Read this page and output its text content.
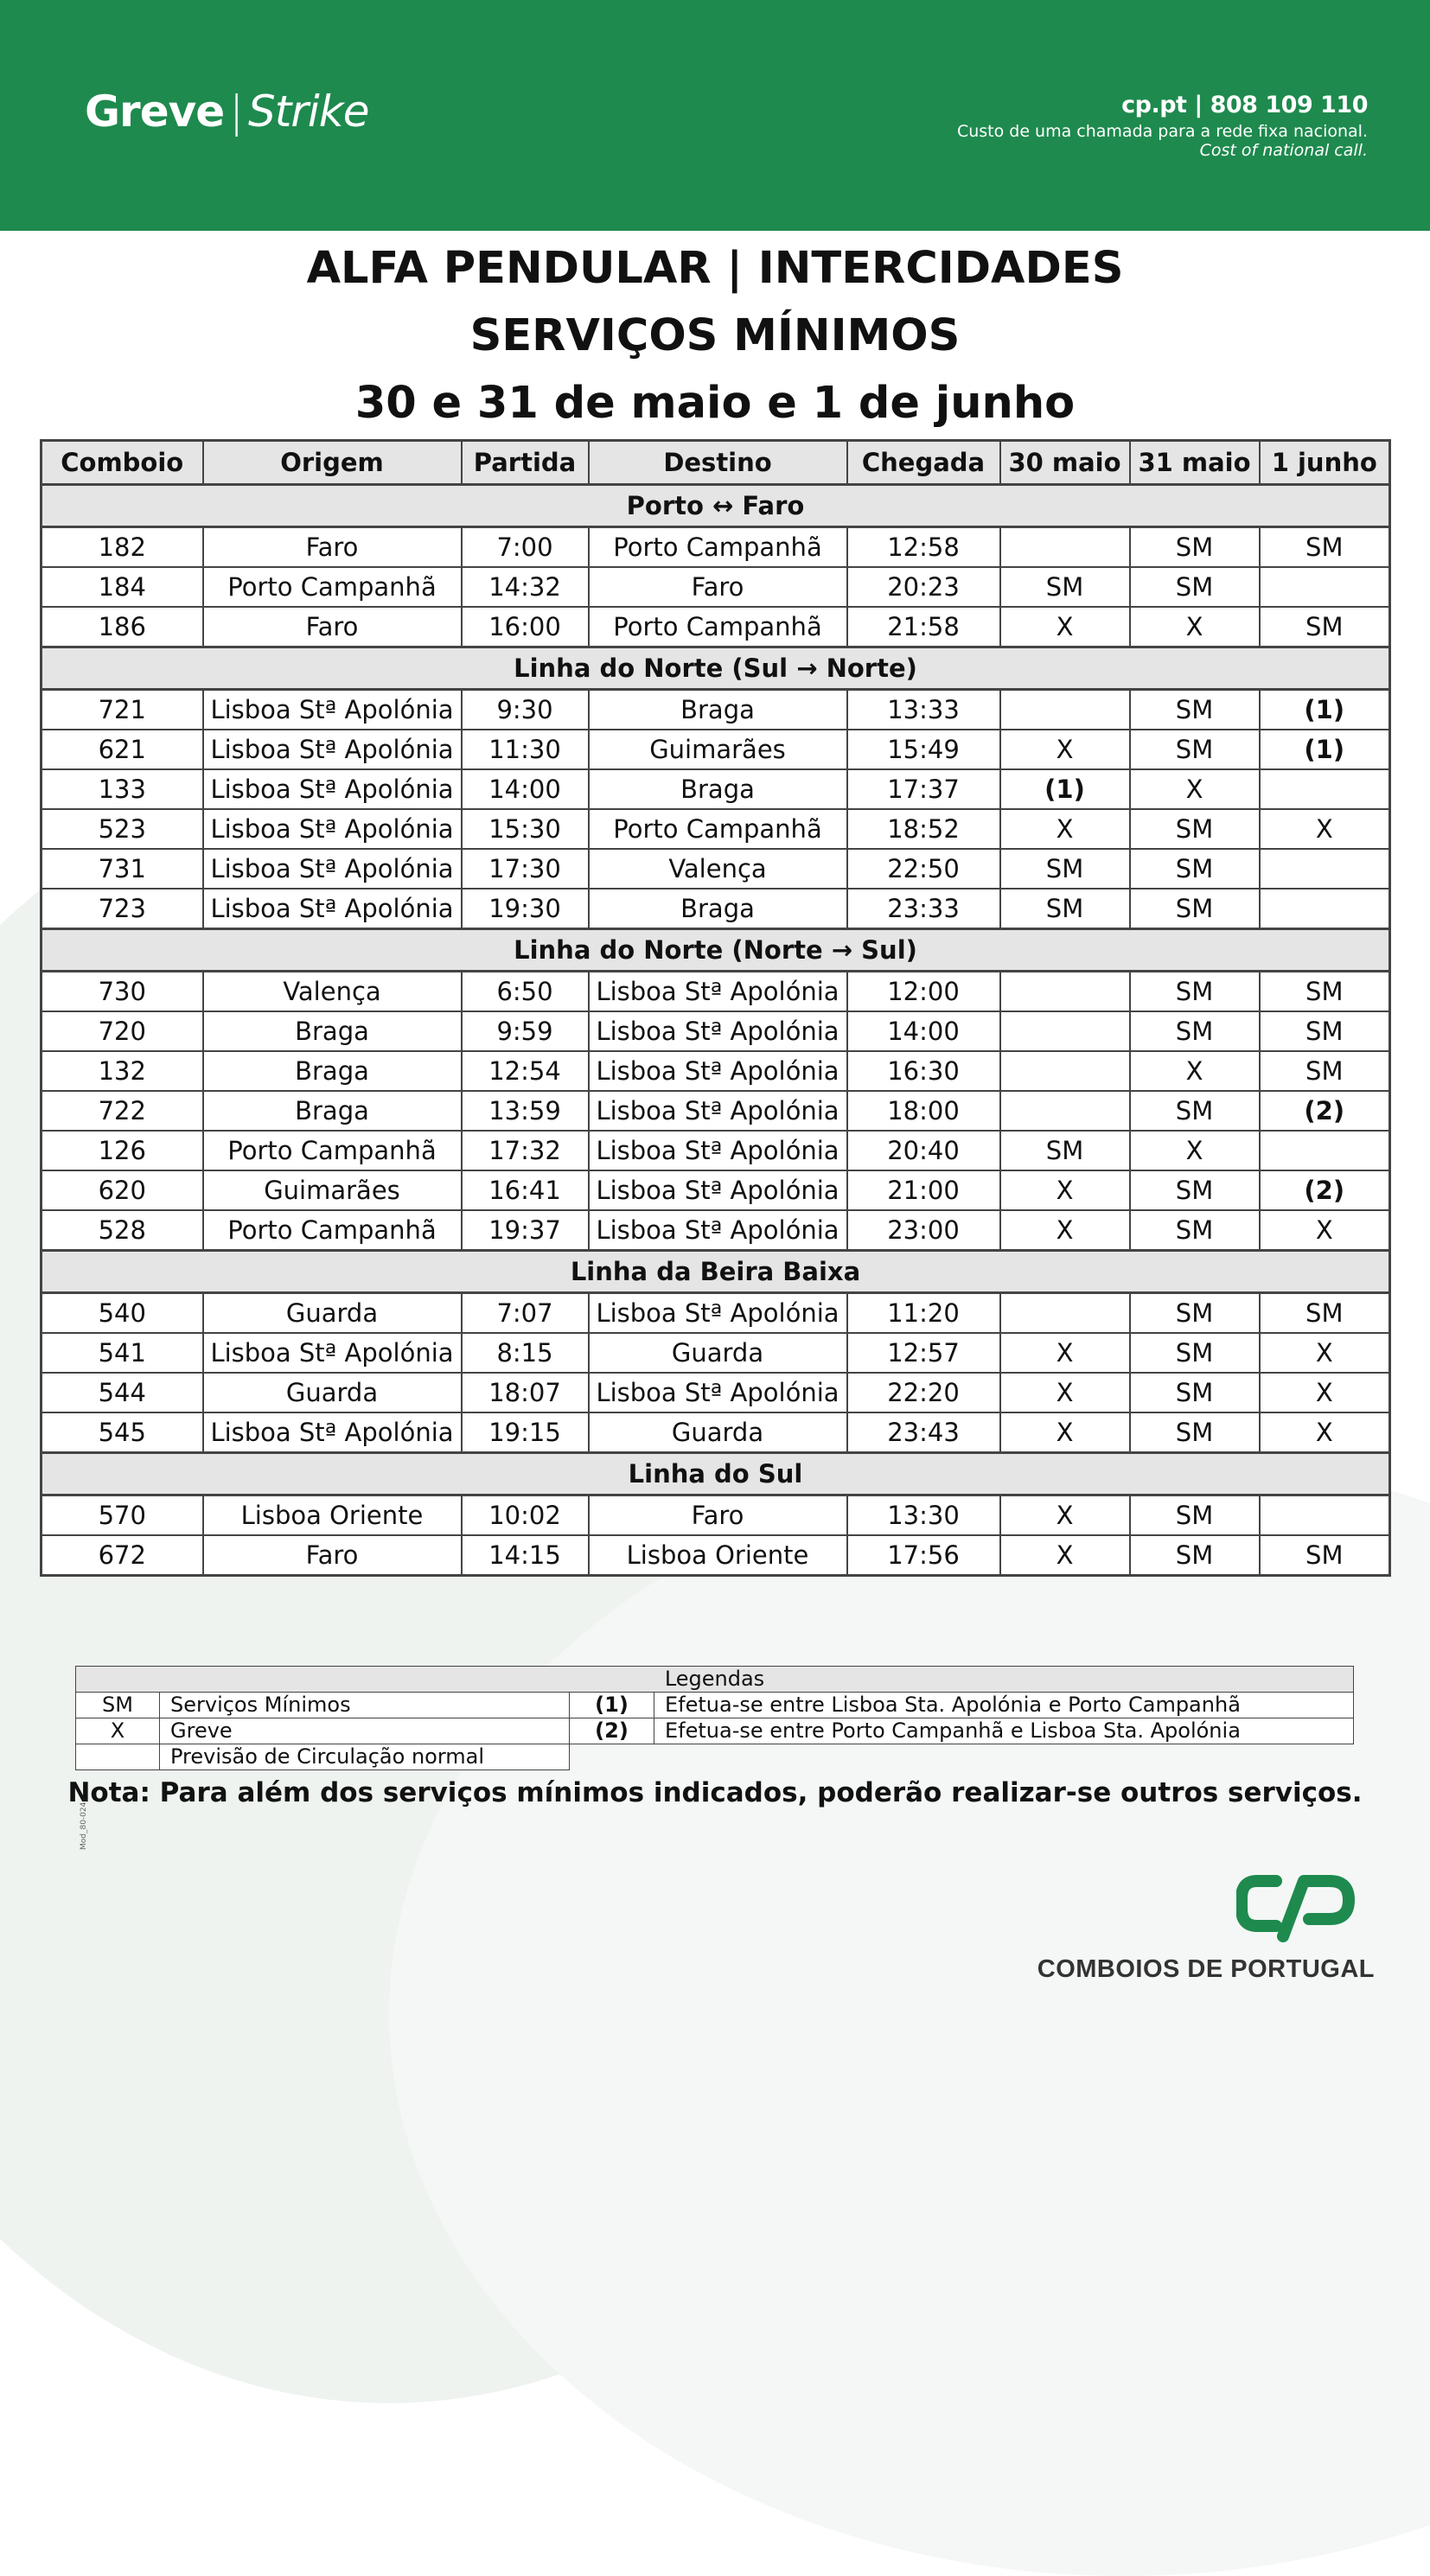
Greve | Strike	cp.pt | 808 109 110
Custo de uma chamada para a rede fixa nacional.
Cost of national call.
ALFA PENDULAR | INTERCIDADES
SERVIÇOS MÍNIMOS
30 e 31 de maio e 1 de junho
Comboio	Origem	Partida	Destino	Chegada	30 maio	31 maio	1 junho
Porto ↔ Faro							
182	Faro	7:00	Porto Campanhã	12:58		SM	SM
184	Porto Campanhã	14:32	Faro	20:23	SM	SM	
186	Faro	16:00	Porto Campanhã	21:58	X	X	SM
Linha do Norte (Sul → Norte)							
721	Lisboa Stª Apolónia	9:30	Braga	13:33		SM	(1)
621	Lisboa Stª Apolónia	11:30	Guimarães	15:49	X	SM	(1)
133	Lisboa Stª Apolónia	14:00	Braga	17:37	(1)	X	
523	Lisboa Stª Apolónia	15:30	Porto Campanhã	18:52	X	SM	X
731	Lisboa Stª Apolónia	17:30	Valença	22:50	SM	SM	
723	Lisboa Stª Apolónia	19:30	Braga	23:33	SM	SM	
Linha do Norte (Norte → Sul)							
730	Valença	6:50	Lisboa Stª Apolónia	12:00		SM	SM
720	Braga	9:59	Lisboa Stª Apolónia	14:00		SM	SM
132	Braga	12:54	Lisboa Stª Apolónia	16:30		X	SM
722	Braga	13:59	Lisboa Stª Apolónia	18:00		SM	(2)
126	Porto Campanhã	17:32	Lisboa Stª Apolónia	20:40	SM	X	
620	Guimarães	16:41	Lisboa Stª Apolónia	21:00	X	SM	(2)
528	Porto Campanhã	19:37	Lisboa Stª Apolónia	23:00	X	SM	X
Linha da Beira Baixa							
540	Guarda	7:07	Lisboa Stª Apolónia	11:20		SM	SM
541	Lisboa Stª Apolónia	8:15	Guarda	12:57	X	SM	X
544	Guarda	18:07	Lisboa Stª Apolónia	22:20	X	SM	X
545	Lisboa Stª Apolónia	19:15	Guarda	23:43	X	SM	X
Linha do Sul							
570	Lisboa Oriente	10:02	Faro	13:30	X	SM	
672	Faro	14:15	Lisboa Oriente	17:56	X	SM	SM
Legendas			
SM	Serviços Mínimos	(1)	Efetua-se entre Lisboa Sta. Apolónia e Porto Campanhã
X	Greve	(2)	Efetua-se entre Porto Campanhã e Lisboa Sta. Apolónia
	Previsão de Circulação normal		
Nota: Para além dos serviços mínimos indicados, poderão realizar-se outros serviços.
Mod_80-024
COMBOIOS DE PORTUGAL
